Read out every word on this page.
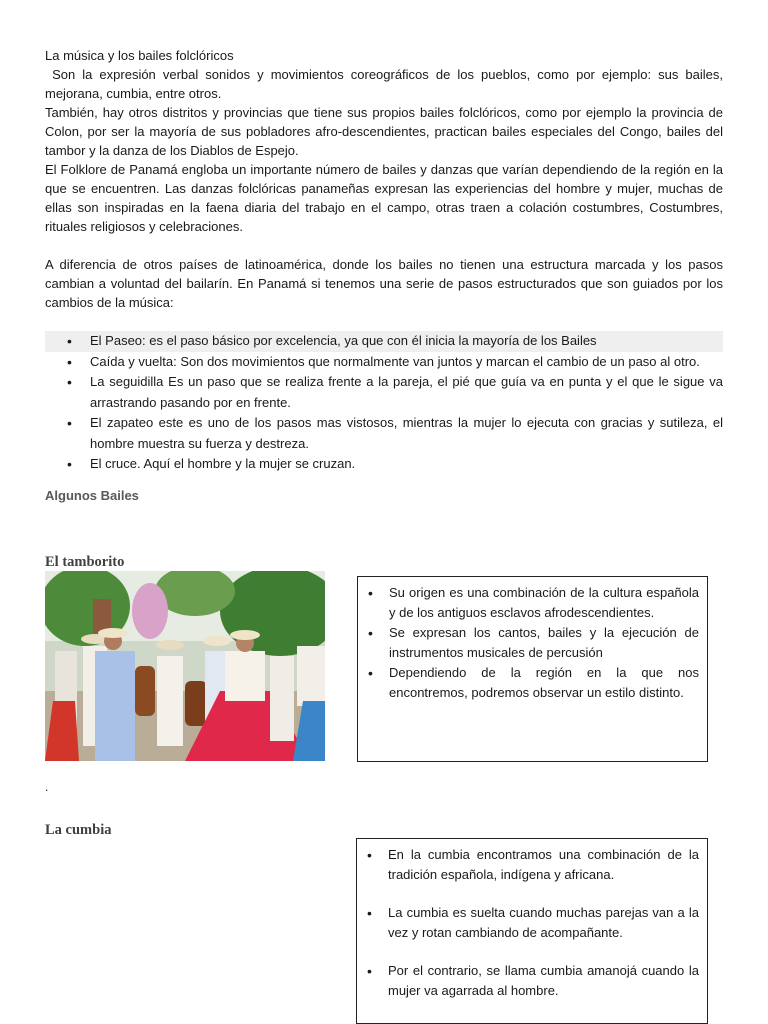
La música y los bailes folclóricos

Son la expresión verbal sonidos y movimientos coreográficos de los pueblos, como por ejemplo: sus bailes, mejorana, cumbia, entre otros.

También, hay otros distritos y provincias que tiene sus propios bailes folclóricos, como por ejemplo la provincia de Colon, por ser la mayoría de sus pobladores afro-descendientes, practican bailes especiales del Congo, bailes del tambor y la danza de los Diablos de Espejo.

El Folklore de Panamá engloba un importante número de bailes y danzas que varían dependiendo de la región en la que se encuentren. Las danzas folclóricas panameñas expresan las experiencias del hombre y mujer, muchas de ellas son inspiradas en la faena diaria del trabajo en el campo, otras traen a colación costumbres, Costumbres, rituales religiosos y celebraciones.

A diferencia de otros países de latinoamérica, donde los bailes no tienen una estructura marcada y los pasos cambian a voluntad del bailarín. En Panamá si tenemos una serie de pasos estructurados que son guiados por los cambios de la música:

• El Paseo: es el paso básico por excelencia, ya que con él inicia la mayoría de los Bailes
• Caída y vuelta: Son dos movimientos que normalmente van juntos y marcan el cambio de un paso al otro.
• La seguidilla Es un paso que se realiza frente a la pareja, el pié que guía va en punta y el que le sigue va arrastrando pasando por en frente.
• El zapateo este es uno de los pasos mas vistosos, mientras la mujer lo ejecuta con gracias y sutileza, el hombre muestra su fuerza y destreza.
• El cruce. Aquí el hombre y la mujer se cruzan.
Algunos Bailes
El tamborito
• Su origen es una combinación de la cultura española y de los antiguos esclavos afrodescendientes.
• Se expresan los cantos, bailes y la ejecución de instrumentos musicales de percusión
• Dependiendo de la región en la que nos encontremos, podremos observar un estilo distinto.
.
La cumbia
• En la cumbia encontramos una combinación de la tradición española, indígena y africana.
• La cumbia es suelta cuando muchas parejas van a la vez y rotan cambiando de acompañante.
• Por el contrario, se llama cumbia amanojá cuando la mujer va agarrada al hombre.
